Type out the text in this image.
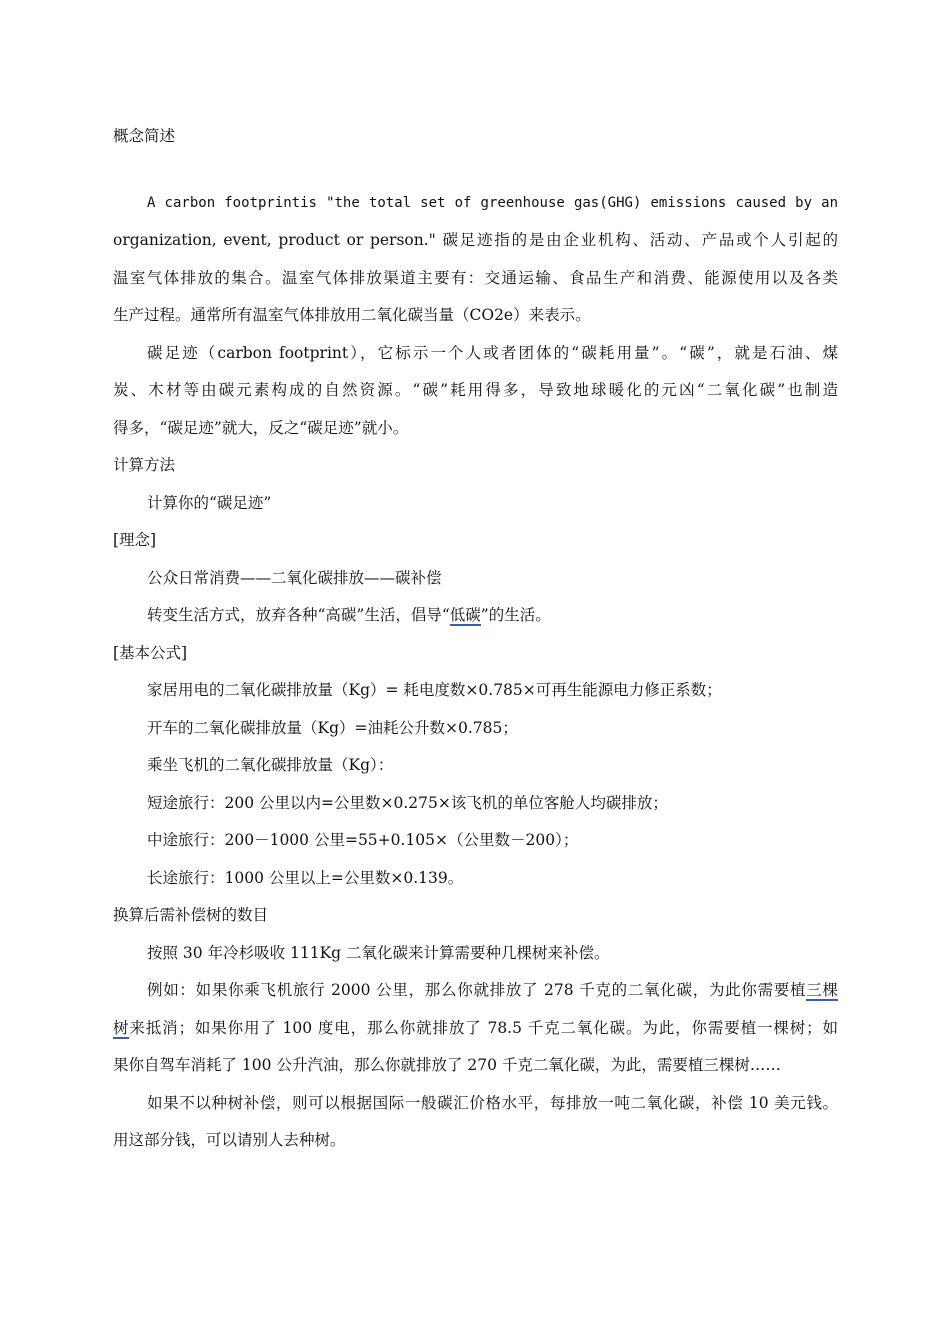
概念简述
A carbon footprintis "the total set of greenhouse gas(GHG) emissions caused by an
organization, event, product or person." 碳足迹指的是由企业机构、活动、产品或个人引起的
温室气体排放的集合。温室气体排放渠道主要有：交通运输、食品生产和消费、能源使用以及各类
生产过程。通常所有温室气体排放用二氧化碳当量（CO2e）来表示。
碳足迹（carbon footprint），它标示一个人或者团体的“碳耗用量”。“碳”，就是石油、煤
炭、木材等由碳元素构成的自然资源。“碳”耗用得多，导致地球暖化的元凶“二氧化碳”也制造
得多，“碳足迹”就大，反之“碳足迹”就小。
计算方法
计算你的“碳足迹”
[理念]
公众日常消费——二氧化碳排放——碳补偿
转变生活方式，放弃各种“高碳”生活，倡导“低碳”的生活。
[基本公式]
家居用电的二氧化碳排放量（Kg）= 耗电度数×0.785×可再生能源电力修正系数；
开车的二氧化碳排放量（Kg）=油耗公升数×0.785；
乘坐飞机的二氧化碳排放量（Kg）：
短途旅行：200 公里以内=公里数×0.275×该飞机的单位客舱人均碳排放；
中途旅行：200－1000 公里=55+0.105×（公里数－200）；
长途旅行：1000 公里以上=公里数×0.139。
换算后需补偿树的数目
按照 30 年冷杉吸收 111Kg 二氧化碳来计算需要种几棵树来补偿。
例如：如果你乘飞机旅行 2000 公里，那么你就排放了 278 千克的二氧化碳，为此你需要植三棵
树来抵消；如果你用了 100 度电，那么你就排放了 78.5 千克二氧化碳。为此，你需要植一棵树；如
果你自驾车消耗了 100 公升汽油，那么你就排放了 270 千克二氧化碳，为此，需要植三棵树……
如果不以种树补偿，则可以根据国际一般碳汇价格水平，每排放一吨二氧化碳，补偿 10 美元钱。
用这部分钱，可以请别人去种树。
